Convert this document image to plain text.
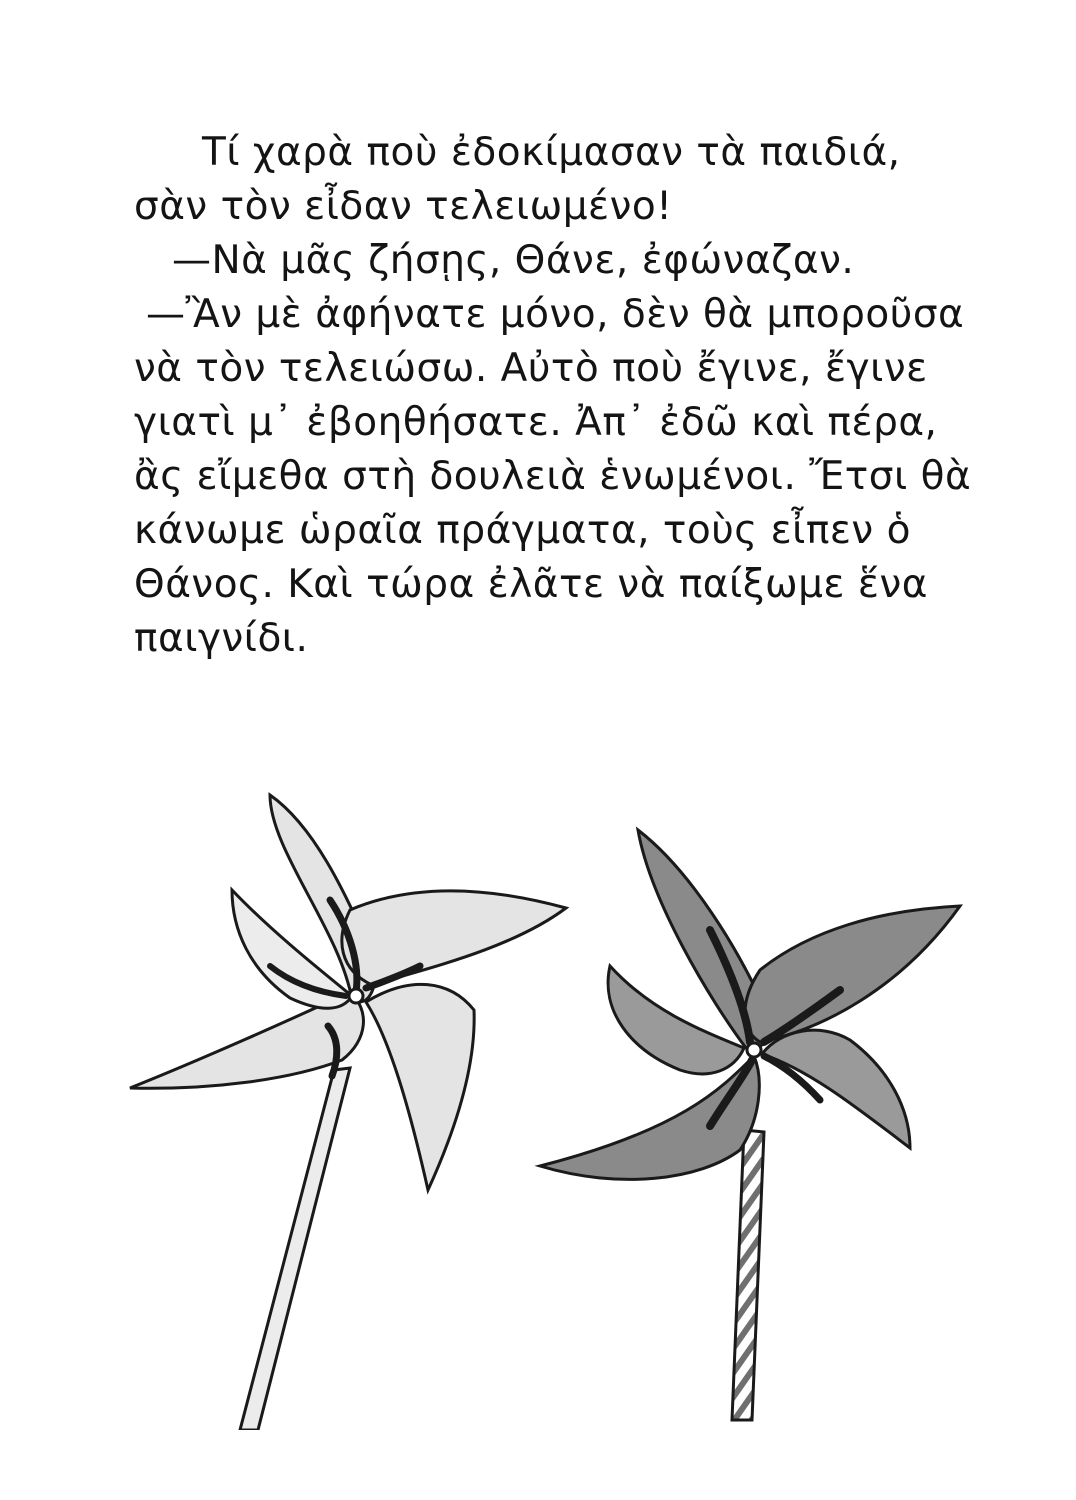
Τί χαρὰ ποὺ ἐδοκίμασαν τὰ παιδιά,
σὰν τὸν εἶδαν τελειωμένο!
—Νὰ μᾶς ζήσῃς, Θάνε, ἐφώναζαν.
—Ἂν μὲ ἀφήνατε μόνο, δὲν θὰ μποροῦσα
νὰ τὸν τελειώσω. Αὐτὸ ποὺ ἔγινε, ἔγινε
γιατὶ μ᾿ ἐβοηθήσατε. Ἀπ᾿ ἐδῶ καὶ πέρα,
ἂς εἴμεθα στὴ δουλειὰ ἑνωμένοι. Ἔτσι θὰ
κάνωμε ὡραῖα πράγματα, τοὺς εἶπεν ὁ
Θάνος. Καὶ τώρα ἐλᾶτε νὰ παίξωμε ἕνα
παιγνίδι.
